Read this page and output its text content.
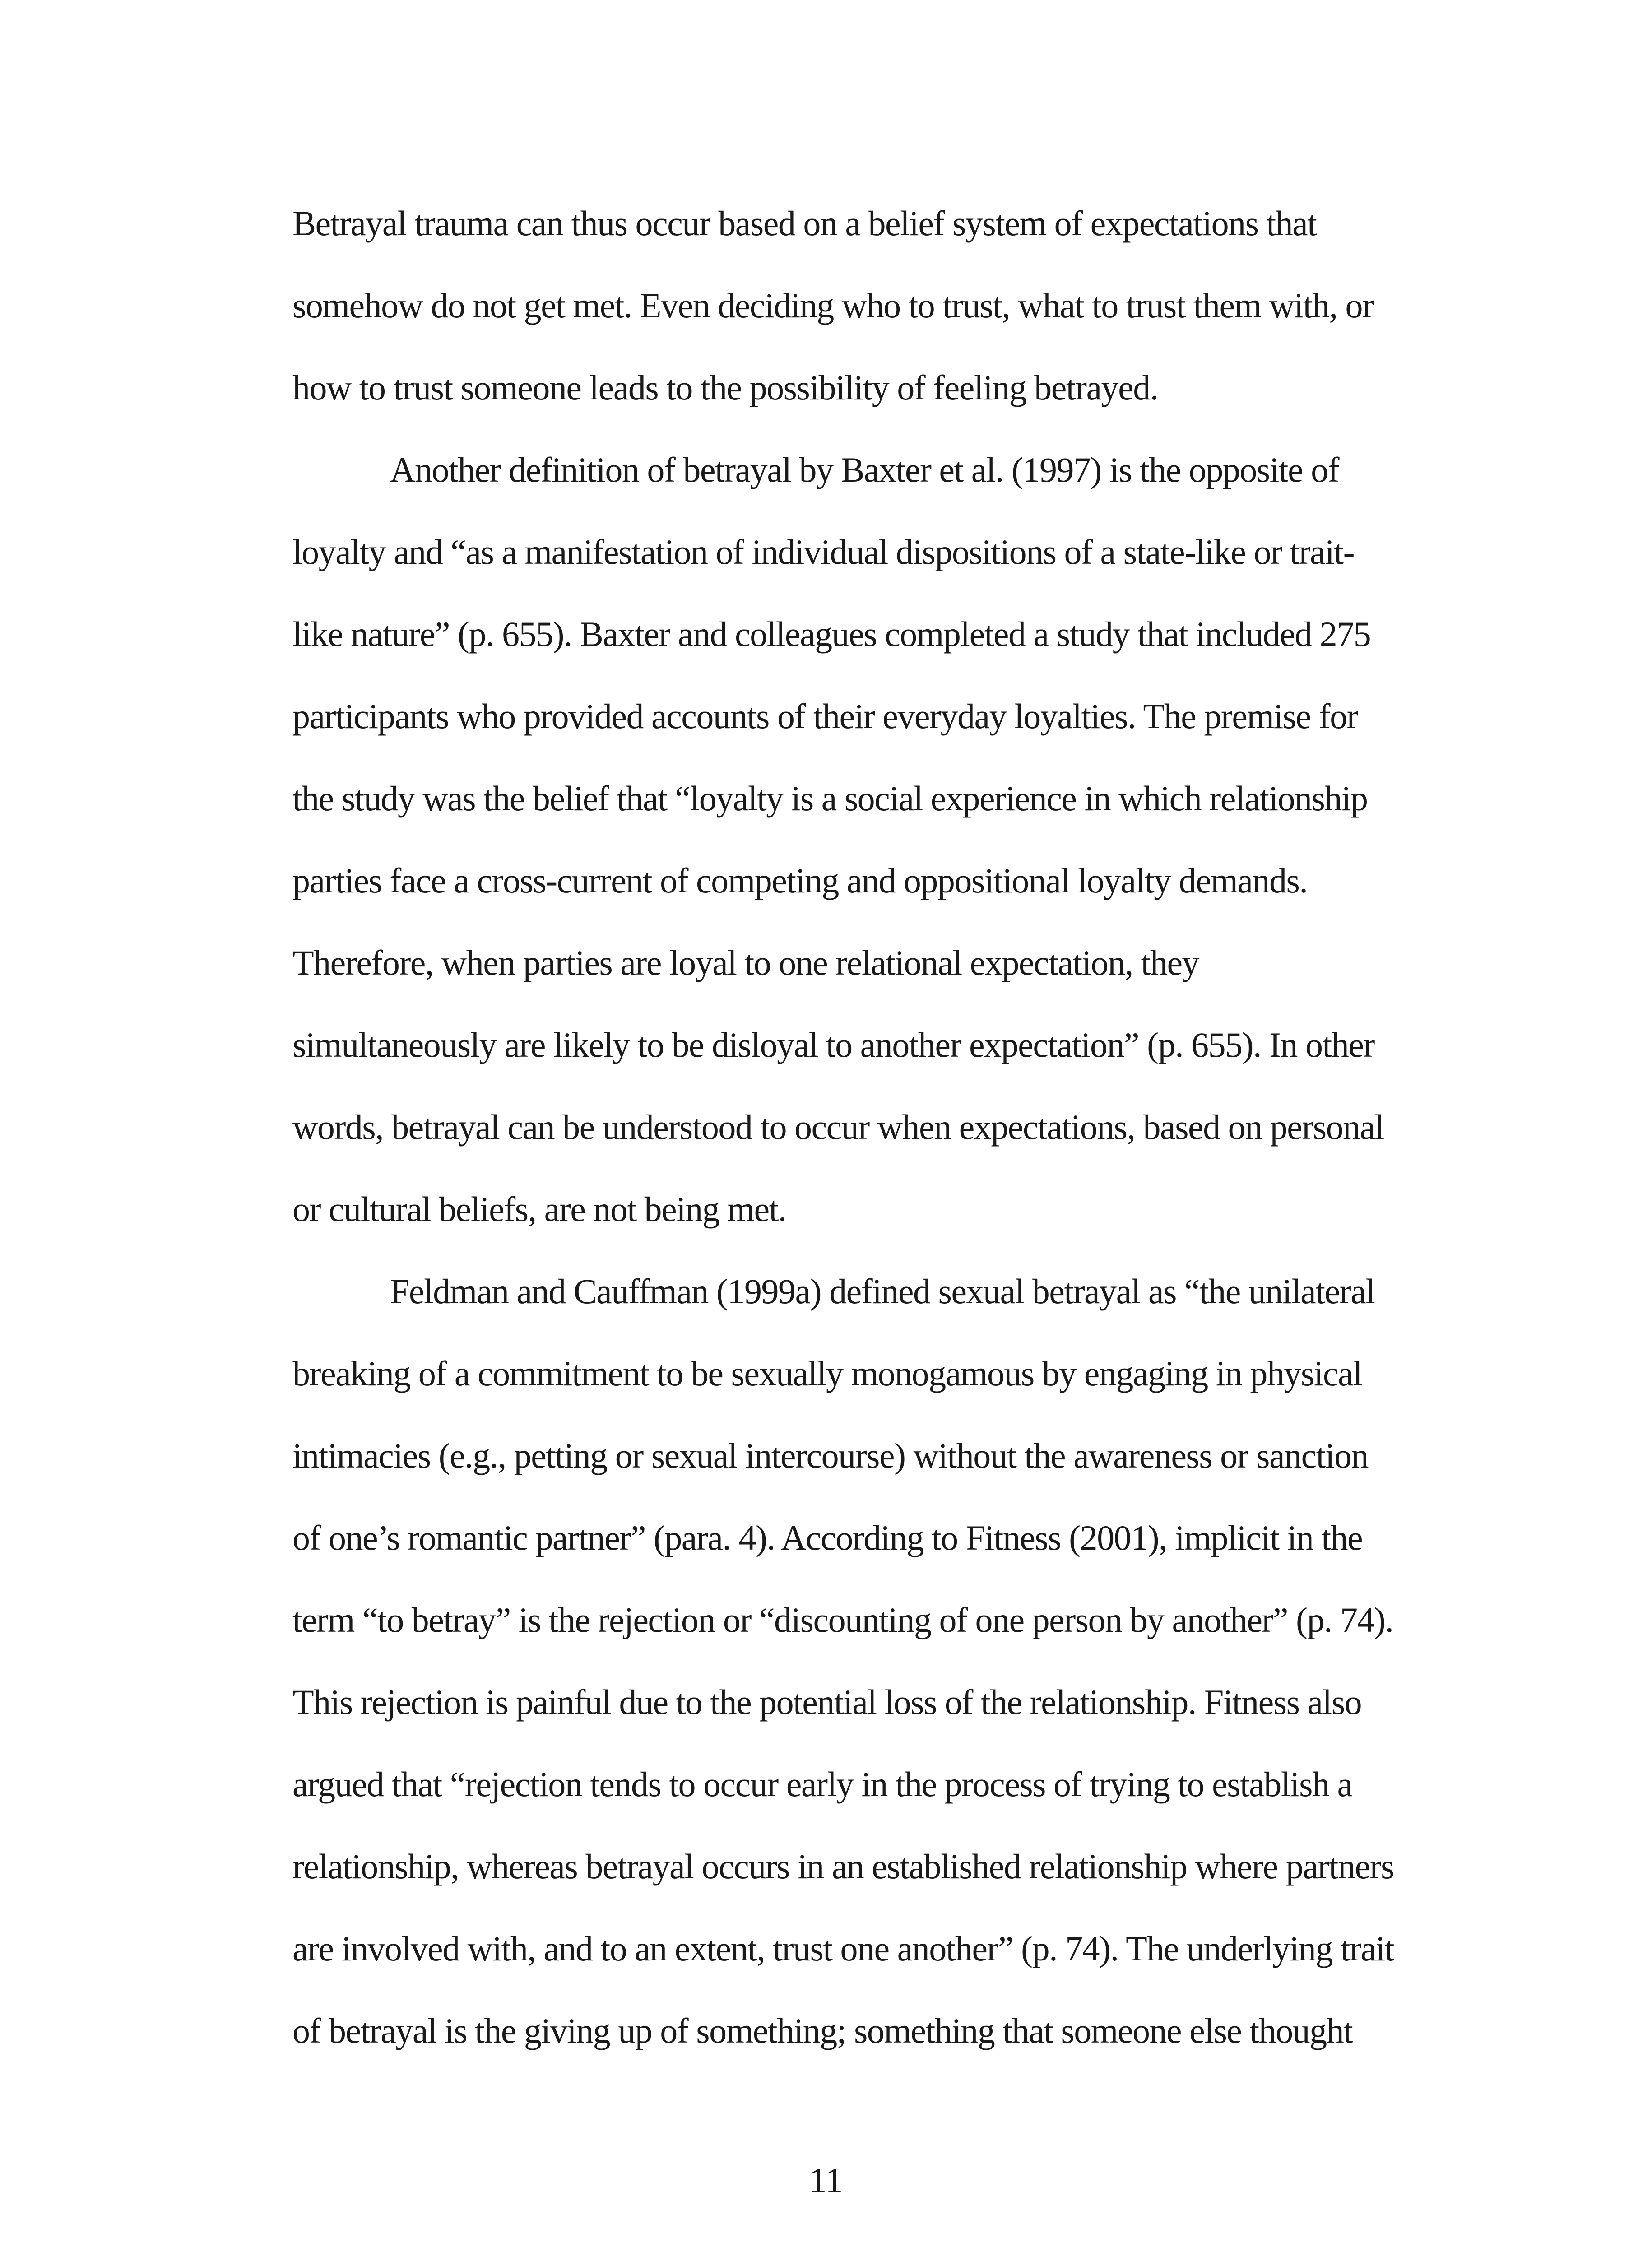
Betrayal trauma can thus occur based on a belief system of expectations that
somehow do not get met. Even deciding who to trust, what to trust them with, or
how to trust someone leads to the possibility of feeling betrayed.
Another definition of betrayal by Baxter et al. (1997) is the opposite of
loyalty and “as a manifestation of individual dispositions of a state-like or trait-
like nature” (p. 655). Baxter and colleagues completed a study that included 275
participants who provided accounts of their everyday loyalties. The premise for
the study was the belief that “loyalty is a social experience in which relationship
parties face a cross-current of competing and oppositional loyalty demands.
Therefore, when parties are loyal to one relational expectation, they
simultaneously are likely to be disloyal to another expectation” (p. 655). In other
words, betrayal can be understood to occur when expectations, based on personal
or cultural beliefs, are not being met.
Feldman and Cauffman (1999a) defined sexual betrayal as “the unilateral
breaking of a commitment to be sexually monogamous by engaging in physical
intimacies (e.g., petting or sexual intercourse) without the awareness or sanction
of one’s romantic partner” (para. 4). According to Fitness (2001), implicit in the
term “to betray” is the rejection or “discounting of one person by another” (p. 74).
This rejection is painful due to the potential loss of the relationship. Fitness also
argued that “rejection tends to occur early in the process of trying to establish a
relationship, whereas betrayal occurs in an established relationship where partners
are involved with, and to an extent, trust one another” (p. 74). The underlying trait
of betrayal is the giving up of something; something that someone else thought
11
